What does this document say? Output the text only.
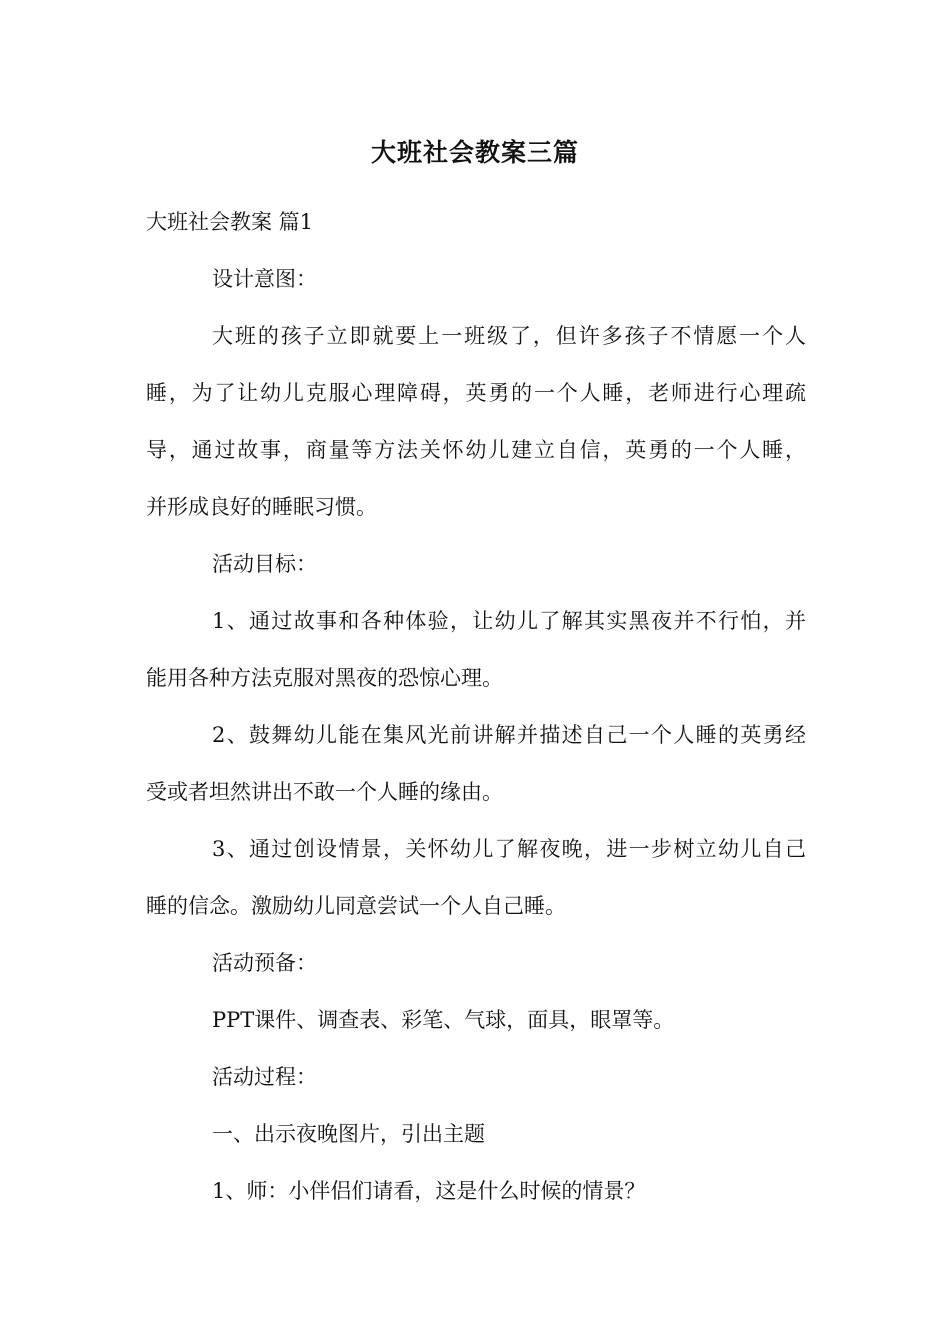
大班社会教案三篇
大班社会教案 篇1
设计意图：
大班的孩子立即就要上一班级了，但许多孩子不情愿一个人
睡，为了让幼儿克服心理障碍，英勇的一个人睡，老师进行心理疏
导，通过故事，商量等方法关怀幼儿建立自信，英勇的一个人睡，
并形成良好的睡眠习惯。
活动目标：
1、通过故事和各种体验，让幼儿了解其实黑夜并不行怕，并
能用各种方法克服对黑夜的恐惊心理。
2、鼓舞幼儿能在集风光前讲解并描述自己一个人睡的英勇经
受或者坦然讲出不敢一个人睡的缘由。
3、通过创设情景，关怀幼儿了解夜晚，进一步树立幼儿自己
睡的信念。激励幼儿同意尝试一个人自己睡。
活动预备：
PPT课件、调查表、彩笔、气球，面具，眼罩等。
活动过程：
一、出示夜晚图片，引出主题
1、师：小伴侣们请看，这是什么时候的情景？
